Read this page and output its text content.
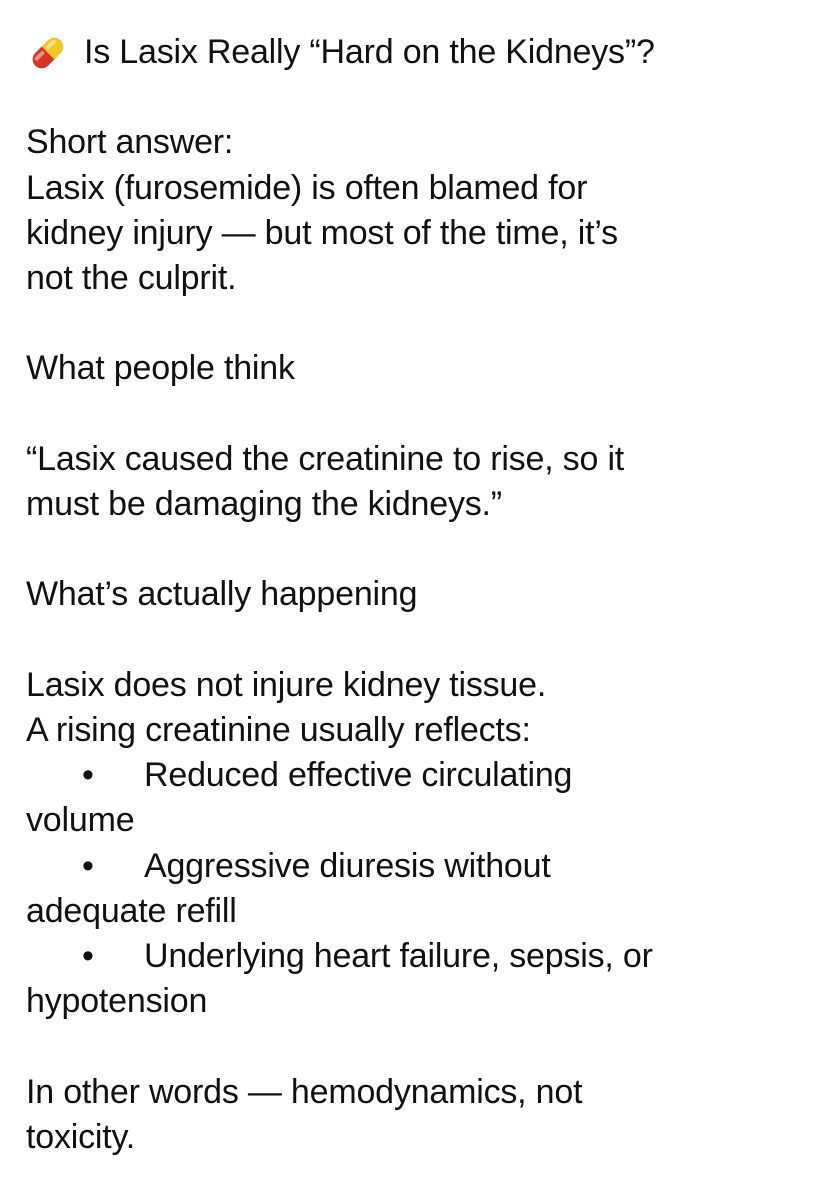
Is Lasix Really “Hard on the Kidneys”?
Short answer:
Lasix (furosemide) is often blamed for
kidney injury — but most of the time, it’s
not the culprit.
What people think
“Lasix caused the creatinine to rise, so it
must be damaging the kidneys.”
What’s actually happening
Lasix does not injure kidney tissue.
A rising creatinine usually reflects:
• Reduced effective circulating
volume
• Aggressive diuresis without
adequate refill
• Underlying heart failure, sepsis, or
hypotension
In other words — hemodynamics, not
toxicity.
